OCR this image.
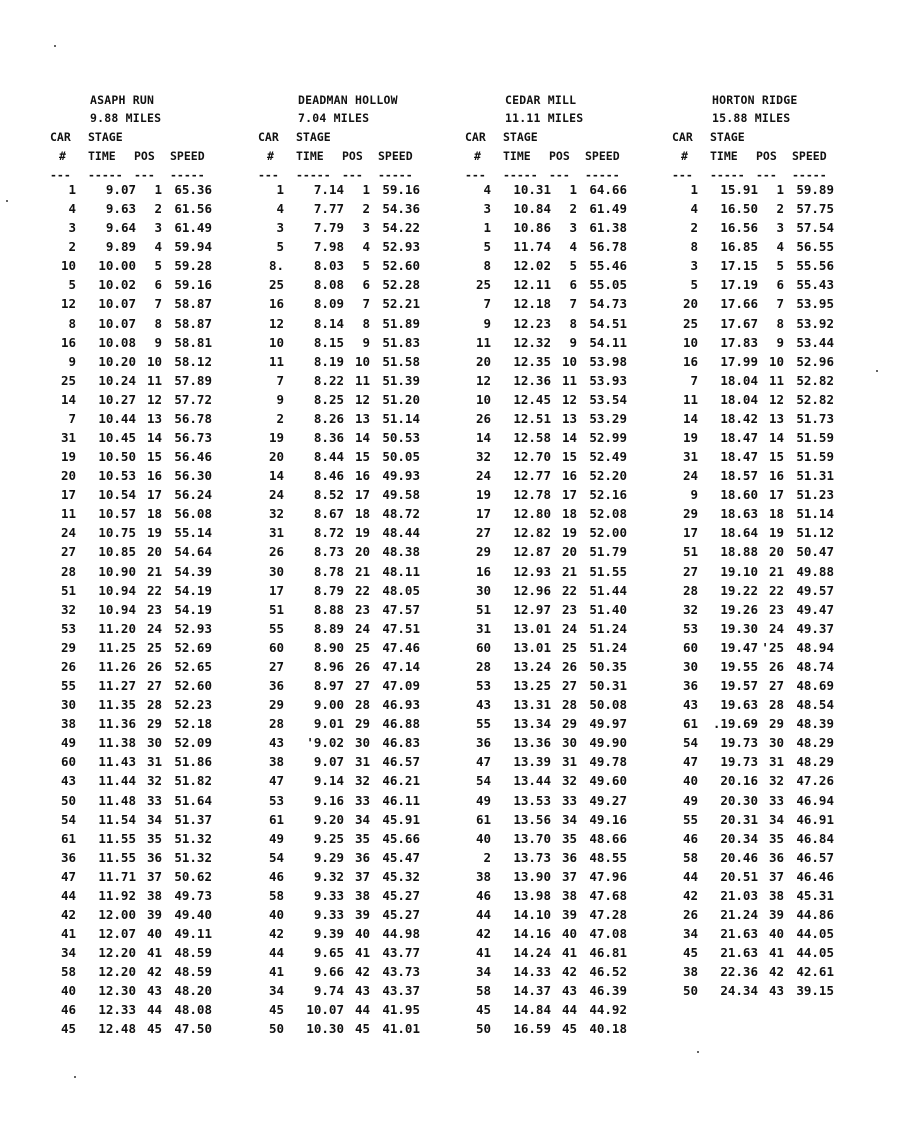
ASAPH RUN
9.88 MILES
CAR STAGE
# TIME POS SPEED
--- ----- --- -----
1	9.07	1 65.36
4	9.63	2 61.56
3	9.64	3 61.49
2	9.89	4 59.94
10	10.00	5 59.28
5	10.02	6 59.16
12	10.07	7 58.87
8	10.07	8 58.87
16	10.08	9 58.81
9	10.20 10 58.12
25	10.24 11 57.89
14	10.27 12 57.72
7	10.44 13 56.78
31	10.45 14 56.73
19	10.50 15 56.46
20	10.53 16 56.30
17	10.54 17 56.24
11	10.57 18 56.08
24	10.75 19 55.14
27	10.85 20 54.64
28	10.90 21 54.39
51	10.94 22 54.19
32	10.94 23 54.19
53	11.20 24 52.93
29	11.25 25 52.69
26	11.26 26 52.65
55	11.27 27 52.60
30	11.35 28 52.23
38	11.36 29 52.18
49	11.38 30 52.09
60	11.43 31 51.86
43	11.44 32 51.82
50	11.48 33 51.64
54	11.54 34 51.37
61	11.55 35 51.32
36	11.55 36 51.32
47	11.71 37 50.62
44	11.92 38 49.73
42	12.00 39 49.40
41	12.07 40 49.11
34	12.20 41 48.59
58	12.20 42 48.59
40	12.30 43 48.20
46	12.33 44 48.08
45	12.48 45 47.50
DEADMAN HOLLOW
7.04 MILES
CAR STAGE
# TIME POS SPEED
--- ----- --- -----
1	7.14	1 59.16
4	7.77	2 54.36
3	7.79	3 54.22
5	7.98	4 52.93
8.	8.03	5 52.60
25	8.08	6 52.28
16	8.09	7 52.21
12	8.14	8 51.89
10	8.15	9 51.83
11	8.19 10 51.58
7	8.22 11 51.39
9	8.25 12 51.20
2	8.26 13 51.14
19	8.36 14 50.53
20	8.44 15 50.05
14	8.46 16 49.93
24	8.52 17 49.58
32	8.67 18 48.72
31	8.72 19 48.44
26	8.73 20 48.38
30	8.78 21 48.11
17	8.79 22 48.05
51	8.88 23 47.57
55	8.89 24 47.51
60	8.90 25 47.46
27	8.96 26 47.14
36	8.97 27 47.09
29	9.00 28 46.93
28	9.01 29 46.88
43	'9.02 30 46.83
38	9.07 31 46.57
47	9.14 32 46.21
53	9.16 33 46.11
61	9.20 34 45.91
49	9.25 35 45.66
54	9.29 36 45.47
46	9.32 37 45.32
58	9.33 38 45.27
40	9.33 39 45.27
42	9.39 40 44.98
44	9.65 41 43.77
41	9.66 42 43.73
34	9.74 43 43.37
45	10.07 44 41.95
50	10.30 45 41.01
CEDAR MILL
11.11 MILES
CAR STAGE
# TIME POS SPEED
--- ----- --- -----
4	10.31	1 64.66
3	10.84	2 61.49
1	10.86	3 61.38
5	11.74	4 56.78
8	12.02	5 55.46
25	12.11	6 55.05
7	12.18	7 54.73
9	12.23	8 54.51
11	12.32	9 54.11
20	12.35 10 53.98
12	12.36 11 53.93
10	12.45 12 53.54
26	12.51 13 53.29
14	12.58 14 52.99
32	12.70 15 52.49
24	12.77 16 52.20
19	12.78 17 52.16
17	12.80 18 52.08
27	12.82 19 52.00
29	12.87 20 51.79
16	12.93 21 51.55
30	12.96 22 51.44
51	12.97 23 51.40
31	13.01 24 51.24
60	13.01 25 51.24
28	13.24 26 50.35
53	13.25 27 50.31
43	13.31 28 50.08
55	13.34 29 49.97
36	13.36 30 49.90
47	13.39 31 49.78
54	13.44 32 49.60
49	13.53 33 49.27
61	13.56 34 49.16
40	13.70 35 48.66
2	13.73 36 48.55
38	13.90 37 47.96
46	13.98 38 47.68
44	14.10 39 47.28
42	14.16 40 47.08
41	14.24 41 46.81
34	14.33 42 46.52
58	14.37 43 46.39
45	14.84 44 44.92
50	16.59 45 40.18
HORTON RIDGE
15.88 MILES
CAR STAGE
# TIME POS SPEED
--- ----- --- -----
1	15.91	1 59.89
4	16.50	2 57.75
2	16.56	3 57.54
8	16.85	4 56.55
3	17.15	5 55.56
5	17.19	6 55.43
20	17.66	7 53.95
25	17.67	8 53.92
10	17.83	9 53.44
16	17.99 10 52.96
7	18.04 11 52.82
11	18.04 12 52.82
14	18.42 13 51.73
19	18.47 14 51.59
31	18.47 15 51.59
24	18.57 16 51.31
9	18.60 17 51.23
29	18.63 18 51.14
17	18.64 19 51.12
51	18.88 20 50.47
27	19.10 21 49.88
28	19.22 22 49.57
32	19.26 23 49.47
53	19.30 24 49.37
60	19.47 '25 48.94
30	19.55 26 48.74
36	19.57 27 48.69
43	19.63 28 48.54
61	.19.69 29 48.39
54	19.73 30 48.29
47	19.73 31 48.29
40	20.16 32 47.26
49	20.30 33 46.94
55	20.31 34 46.91
46	20.34 35 46.84
58	20.46 36 46.57
44	20.51 37 46.46
42	21.03 38 45.31
26	21.24 39 44.86
34	21.63 40 44.05
45	21.63 41 44.05
38	22.36 42 42.61
50	24.34 43 39.15
